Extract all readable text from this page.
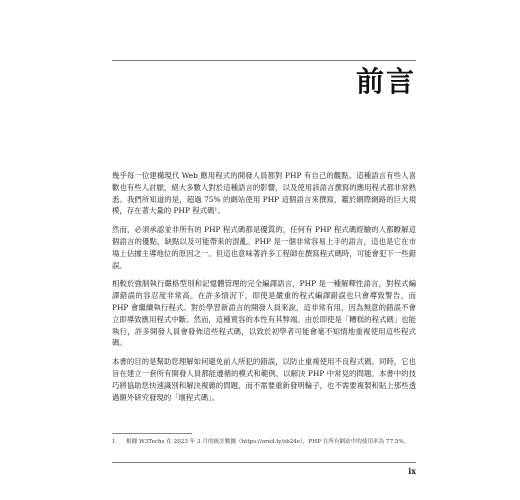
前言

幾乎每一位建構現代 Web 應用程式的開發人員都對 PHP 有自己的觀點。這種語言有些人喜歡也有些人討厭，絕大多數人對於這種語言的影響，以及使用該語言撰寫的應用程式都非常熟悉。我們所知道的是，超過 75% 的網站使用 PHP 這個語言來撰寫，鑑於網際網路的巨大規模，存在著大量的 PHP 程式碼¹。

然而，必須承認並非所有的 PHP 程式碼都是優質的，任何有 PHP 程式碼經驗的人都瞭解這個語言的優點，缺點以及可能帶來的混亂。PHP 是一個非常容易上手的語言，這也是它在市場上佔據主導地位的原因之一。但這也意味著許多工程師在撰寫程式碼時，可能會犯下一些錯誤。

相較於強制執行嚴格型別和記憶體管理的完全編譯語言，PHP 是一種解釋性語言，對程式編譯錯誤的容忍度非常高。在許多情況下，即使是嚴重的程式編譯錯誤也只會導致警告，而 PHP 會繼續執行程式。對於學習新語言的開發人員來說，這非常有用，因為無意的錯誤不會立即導致應用程式中斷。然而，這種寬容的本性有其弊端。由於即使是「糟糕的程式碼」也能執行，許多開發人員會發佈這些程式碼，以致於初學者可能會毫不知情地重複使用這些程式碼。

本書的目的是幫助您理解如何避免前人所犯的錯誤，以防止重複使用不良程式碼。同時，它也旨在建立一套所有開發人員都能遵循的模式和範例，以解決 PHP 中常見的問題。本書中的技巧將協助您快速識別和解決複雜的問題，而不需要重新發明輪子，也不需要複製和貼上那些透過額外研究發現的「壞程式碼」。

1 根據 W3Techs 在 2023 年 3 月的統計數據（https://oreil.ly/sb24e），PHP 在所有網站中的使用率為 77.5%。
ix
